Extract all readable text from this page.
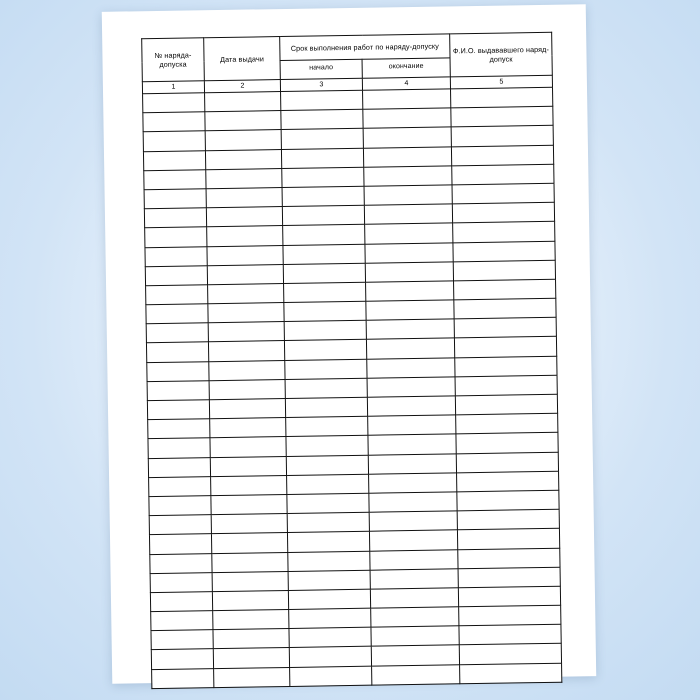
№ наряда-допуска	Дата выдачи	Срок выполнения работ по наряду-допуску		Ф.И.О. выдававшего наряд-допуск
		начало	окончание	
1	2	3	4	5
